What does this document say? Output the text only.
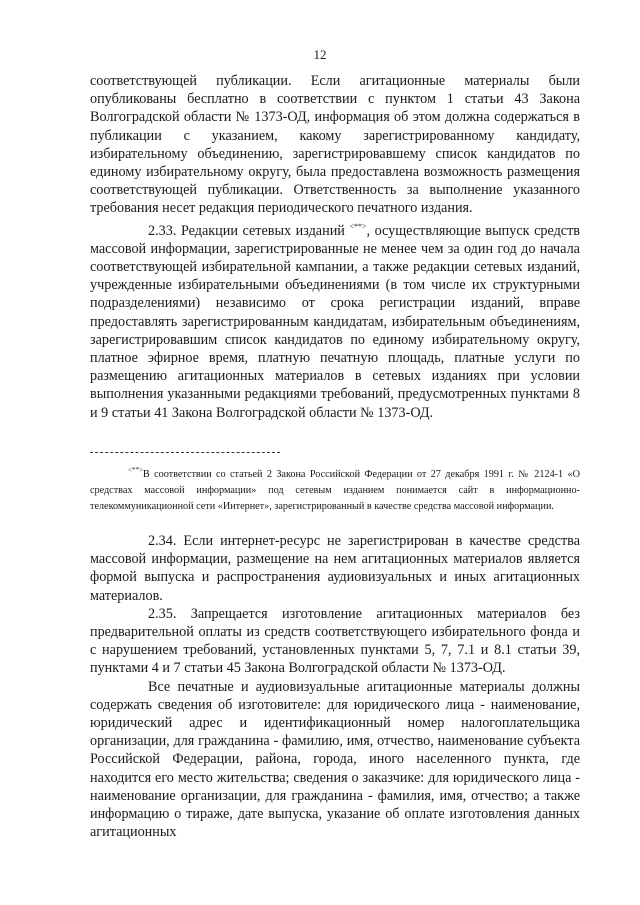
12

соответствующей публикации. Если агитационные материалы были опубликованы бесплатно в соответствии с пунктом 1 статьи 43 Закона Волгоградской области № 1373-ОД, информация об этом должна содержаться в публикации с указанием, какому зарегистрированному кандидату, избирательному объединению, зарегистрировавшему список кандидатов по единому избирательному округу, была предоставлена возможность размещения соответствующей публикации. Ответственность за выполнение указанного требования несет редакция периодического печатного издания.

2.33. Редакции сетевых изданий <**>, осуществляющие выпуск средств массовой информации, зарегистрированные не менее чем за один год до начала соответствующей избирательной кампании, а также редакции сетевых изданий, учрежденные избирательными объединениями (в том числе их структурными подразделениями) независимо от срока регистрации изданий, вправе предоставлять зарегистрированным кандидатам, избирательным объединениям, зарегистрировавшим список кандидатов по единому избирательному округу, платное эфирное время, платную печатную площадь, платные услуги по размещению агитационных материалов в сетевых изданиях при условии выполнения указанными редакциями требований, предусмотренных пунктами 8 и 9 статьи 41 Закона Волгоградской области № 1373-ОД.

<**>В соответствии со статьей 2 Закона Российской Федерации от 27 декабря 1991 г. № 2124-1 «О средствах массовой информации» под сетевым изданием понимается сайт в информационно-телекоммуникационной сети «Интернет», зарегистрированный в качестве средства массовой информации.

2.34. Если интернет-ресурс не зарегистрирован в качестве средства массовой информации, размещение на нем агитационных материалов является формой выпуска и распространения аудиовизуальных и иных агитационных материалов.

2.35. Запрещается изготовление агитационных материалов без предварительной оплаты из средств соответствующего избирательного фонда и с нарушением требований, установленных пунктами 5, 7, 7.1 и 8.1 статьи 39, пунктами 4 и 7 статьи 45 Закона Волгоградской области № 1373-ОД.

Все печатные и аудиовизуальные агитационные материалы должны содержать сведения об изготовителе: для юридического лица - наименование, юридический адрес и идентификационный номер налогоплательщика организации, для гражданина - фамилию, имя, отчество, наименование субъекта Российской Федерации, района, города, иного населенного пункта, где находится его место жительства; сведения о заказчике: для юридического лица - наименование организации, для гражданина - фамилия, имя, отчество; а также информацию о тираже, дате выпуска, указание об оплате изготовления данных агитационных
